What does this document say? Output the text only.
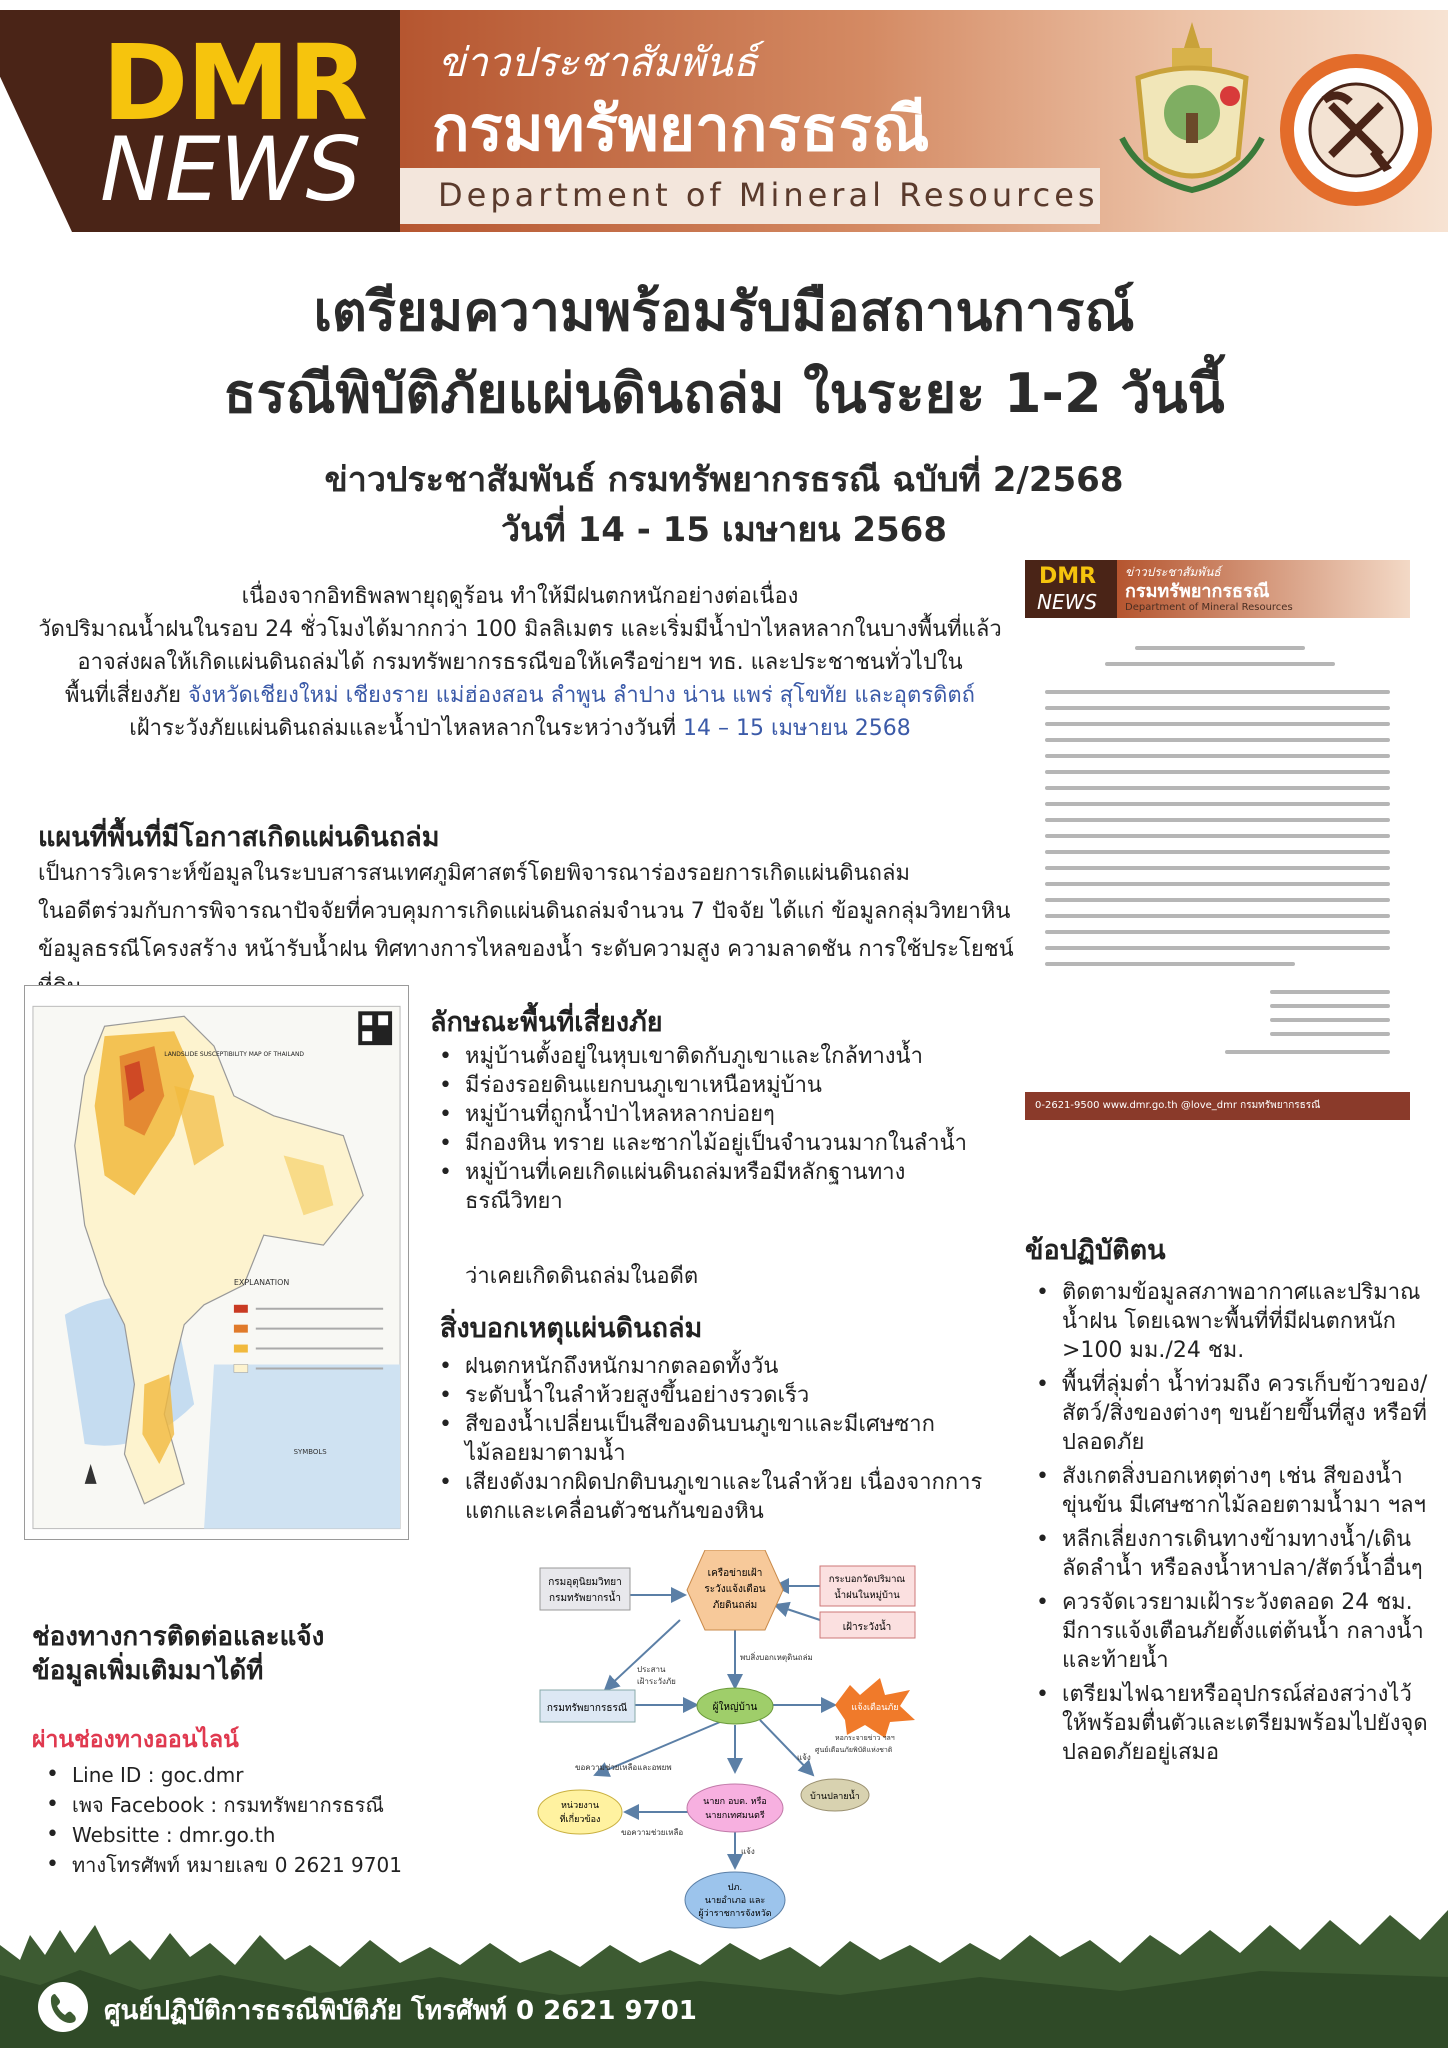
DMR
NEWS
ข่าวประชาสัมพันธ์
กรมทรัพยากรธรณี
Department of Mineral Resources
เตรียมความพร้อมรับมือสถานการณ์
ธรณีพิบัติภัยแผ่นดินถล่ม ในระยะ 1-2 วันนี้
ข่าวประชาสัมพันธ์ กรมทรัพยากรธรณี ฉบับที่ 2/2568
วันที่ 14 - 15 เมษายน 2568
เนื่องจากอิทธิพลพายุฤดูร้อน ทำให้มีฝนตกหนักอย่างต่อเนื่อง
วัดปริมาณน้ำฝนในรอบ 24 ชั่วโมงได้มากกว่า 100 มิลลิเมตร และเริ่มมีน้ำป่าไหลหลากในบางพื้นที่แล้ว
อาจส่งผลให้เกิดแผ่นดินถล่มได้ กรมทรัพยากรธรณีขอให้เครือข่ายฯ ทธ. และประชาชนทั่วไปใน
พื้นที่เสี่ยงภัย จังหวัดเชียงใหม่ เชียงราย แม่ฮ่องสอน ลำพูน ลำปาง น่าน แพร่ สุโขทัย และอุตรดิตถ์
เฝ้าระวังภัยแผ่นดินถล่มและน้ำป่าไหลหลากในระหว่างวันที่ 14 – 15 เมษายน 2568
DMR
NEWS
ข่าวประชาสัมพันธ์
กรมทรัพยากรธรณี
Department of Mineral Resources
0-2621-9500 www.dmr.go.th @love_dmr กรมทรัพยากรธรณี
แผนที่พื้นที่มีโอกาสเกิดแผ่นดินถล่ม
เป็นการวิเคราะห์ข้อมูลในระบบสารสนเทศภูมิศาสตร์โดยพิจารณาร่องรอยการเกิดแผ่นดินถล่ม
ในอดีตร่วมกับการพิจารณาปัจจัยที่ควบคุมการเกิดแผ่นดินถล่มจำนวน 7 ปัจจัย ได้แก่ ข้อมูลกลุ่มวิทยาหิน
ข้อมูลธรณีโครงสร้าง หน้ารับน้ำฝน ทิศทางการไหลของน้ำ ระดับความสูง ความลาดชัน การใช้ประโยชน์
EXPLANATION
SYMBOLS
LANDSLIDE SUSCEPTIBILITY MAP OF THAILAND
ลักษณะพื้นที่เสี่ยงภัย
• หมู่บ้านตั้งอยู่ในหุบเขาติดกับภูเขาและใกล้ทางน้ำ
• มีร่องรอยดินแยกบนภูเขาเหนือหมู่บ้าน
• หมู่บ้านที่ถูกน้ำป่าไหลหลากบ่อยๆ
• มีกองหิน ทราย และซากไม้อยู่เป็นจำนวนมากในลำน้ำ
• หมู่บ้านที่เคยเกิดแผ่นดินถล่มหรือมีหลักฐานทางธรณีวิทยา
ว่าเคยเกิดดินถล่มในอดีต
สิ่งบอกเหตุแผ่นดินถล่ม
• ฝนตกหนักถึงหนักมากตลอดทั้งวัน
• ระดับน้ำในลำห้วยสูงขึ้นอย่างรวดเร็ว
• สีของน้ำเปลี่ยนเป็นสีของดินบนภูเขาและมีเศษซากไม้ลอยมาตามน้ำ
• เสียงดังมากผิดปกติบนภูเขาและในลำห้วย เนื่องจากการแตกและเคลื่อนตัวชนกันของหิน
ข้อปฏิบัติตน
• ติดตามข้อมูลสภาพอากาศและปริมาณน้ำฝน โดยเฉพาะพื้นที่ที่มีฝนตกหนัก >100 มม./24 ชม.
• พื้นที่ลุ่มต่ำ น้ำท่วมถึง ควรเก็บข้าวของ/สัตว์/สิ่งของต่างๆ ขนย้ายขึ้นที่สูง หรือที่ปลอดภัย
• สังเกตสิ่งบอกเหตุต่างๆ เช่น สีของน้ำขุ่นข้น มีเศษซากไม้ลอยตามน้ำมา ฯลฯ
• หลีกเลี่ยงการเดินทางข้ามทางน้ำ/เดินลัดลำน้ำ หรือลงน้ำหาปลา/สัตว์น้ำอื่นๆ
• ควรจัดเวรยามเฝ้าระวังตลอด 24 ชม. มีการแจ้งเตือนภัยตั้งแต่ต้นน้ำ กลางน้ำ และท้ายน้ำ
• เตรียมไฟฉายหรืออุปกรณ์ส่องสว่างไว้ให้พร้อมตื่นตัวและเตรียมพร้อมไปยังจุดปลอดภัยอยู่เสมอ
ช่องทางการติดต่อและแจ้ง
ข้อมูลเพิ่มเติมมาได้ที่
ผ่านช่องทางออนไลน์
• Line ID : goc.dmr
• เพจ Facebook : กรมทรัพยากรธรณี
• Websitte : dmr.go.th
• ทางโทรศัพท์ หมายเลข 0 2621 9701
กรมอุตุนิยมวิทยา
กรมทรัพยากรน้ำ
เครือข่ายเฝ้า
ระวังแจ้งเตือน
ภัยดินถล่ม
กระบอกวัดปริมาณ
น้ำฝนในหมู่บ้าน
เฝ้าระวังน้ำ
กรมทรัพยากรธรณี	ผู้ใหญ่บ้าน	แจ้งเตือนภัย
หน่วยงาน
ที่เกี่ยวข้อง
นายก อบต. หรือ
นายกเทศมนตรี
บ้านปลายน้ำ
ปภ.
นายอำเภอ และ
ผู้ว่าราชการจังหวัด
พบสิ่งบอกเหตุดินถล่ม
ประสาน
เฝ้าระวังภัย
แจ้ง
ขอความช่วยเหลือและอพยพ
หอกระจายข่าว ฯลฯ
ศูนย์เตือนภัยพิบัติแห่งชาติ
ขอความช่วยเหลือ
แจ้ง
ศูนย์ปฏิบัติการธรณีพิบัติภัย โทรศัพท์ 0 2621 9701
